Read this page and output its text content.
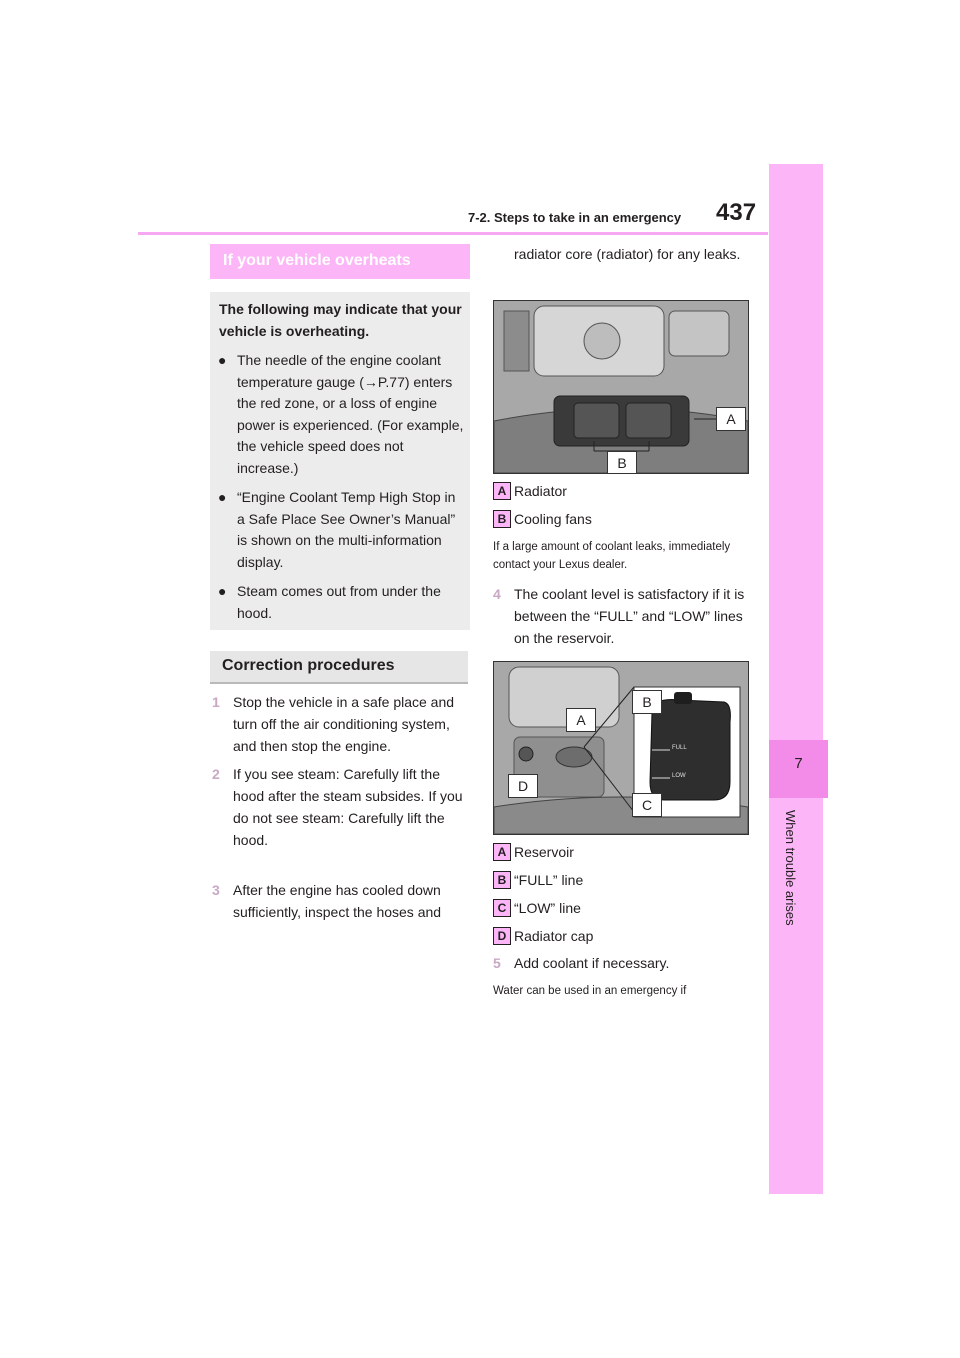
7-2. Steps to take in an emergency 437
7
When trouble arises
If your vehicle overheats
The following may indicate that your vehicle is overheating.
● The needle of the engine coolant temperature gauge (→P.77) enters the red zone, or a loss of engine power is experienced. (For example, the vehicle speed does not increase.)
● “Engine Coolant Temp High Stop in a Safe Place See Owner’s Manual” is shown on the multi-information display.
● Steam comes out from under the hood.
Correction procedures
1 Stop the vehicle in a safe place and turn off the air conditioning system, and then stop the engine.
2 If you see steam: Carefully lift the hood after the steam subsides. If you do not see steam: Carefully lift the hood.
3 After the engine has cooled down sufficiently, inspect the hoses and
radiator core (radiator) for any leaks.
A
B
A Radiator
B Cooling fans
If a large amount of coolant leaks, immediately contact your Lexus dealer.
4 The coolant level is satisfactory if it is between the “FULL” and “LOW” lines on the reservoir.
FULL
LOW
A
B
C
D
A Reservoir
B “FULL” line
C “LOW” line
D Radiator cap
5 Add coolant if necessary.
Water can be used in an emergency if
